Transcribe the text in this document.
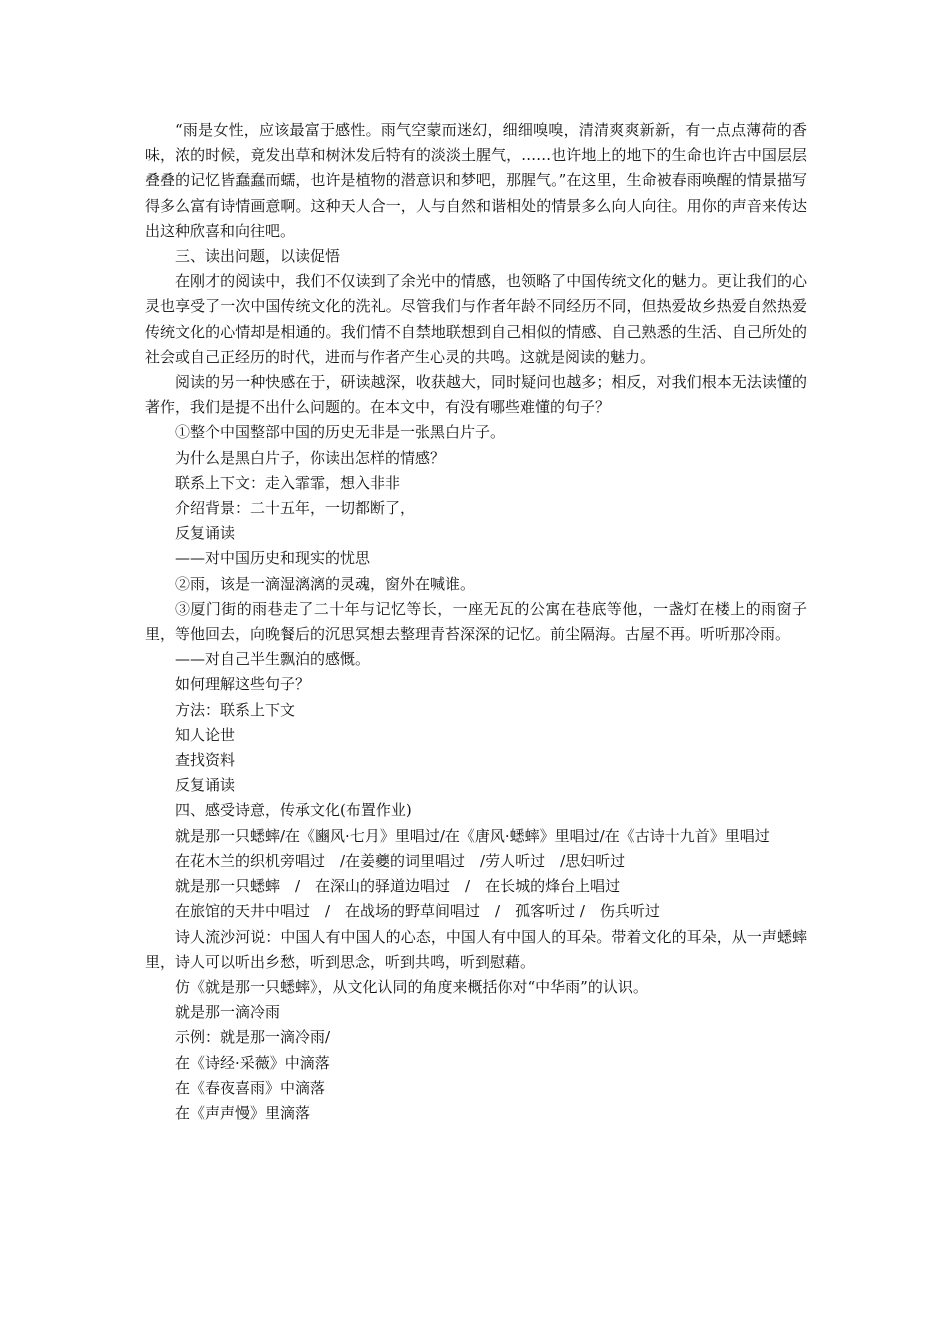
“雨是女性，应该最富于感性。雨气空蒙而迷幻，细细嗅嗅，清清爽爽新新，有一点点薄荷的香味，浓的时候，竟发出草和树沐发后特有的淡淡土腥气，……也许地上的地下的生命也许古中国层层叠叠的记忆皆蠢蠢而蠕，也许是植物的潜意识和梦吧，那腥气。”在这里，生命被春雨唤醒的情景描写得多么富有诗情画意啊。这种天人合一，人与自然和谐相处的情景多么向人向往。用你的声音来传达出这种欣喜和向往吧。

三、读出问题，以读促悟

在刚才的阅读中，我们不仅读到了余光中的情感，也领略了中国传统文化的魅力。更让我们的心灵也享受了一次中国传统文化的洗礼。尽管我们与作者年龄不同经历不同，但热爱故乡热爱自然热爱传统文化的心情却是相通的。我们情不自禁地联想到自己相似的情感、自己熟悉的生活、自己所处的社会或自己正经历的时代，进而与作者产生心灵的共鸣。这就是阅读的魅力。

阅读的另一种快感在于，研读越深，收获越大，同时疑问也越多；相反，对我们根本无法读懂的著作，我们是提不出什么问题的。在本文中，有没有哪些难懂的句子？

①整个中国整部中国的历史无非是一张黑白片子。

为什么是黑白片子，你读出怎样的情感？

联系上下文：走入霏霏，想入非非

介绍背景：二十五年，一切都断了，

反复诵读

——对中国历史和现实的忧思

②雨，该是一滴湿漓漓的灵魂，窗外在喊谁。

③厦门街的雨巷走了二十年与记忆等长，一座无瓦的公寓在巷底等他，一盏灯在楼上的雨窗子里，等他回去，向晚餐后的沉思冥想去整理青苔深深的记忆。前尘隔海。古屋不再。听听那冷雨。

——对自己半生飘泊的感慨。

如何理解这些句子？

方法：联系上下文

知人论世

查找资料

反复诵读

四、感受诗意，传承文化(布置作业)

就是那一只蟋蟀/在《豳风·七月》里唱过/在《唐风·蟋蟀》里唱过/在《古诗十九首》里唱过

在花木兰的织机旁唱过　/在姜夔的词里唱过　/劳人听过　/思妇听过

就是那一只蟋蟀　/　在深山的驿道边唱过　/　在长城的烽台上唱过

在旅馆的天井中唱过　/　在战场的野草间唱过　/　孤客听过 /　伤兵听过

诗人流沙河说：中国人有中国人的心态，中国人有中国人的耳朵。带着文化的耳朵，从一声蟋蟀里，诗人可以听出乡愁，听到思念，听到共鸣，听到慰藉。

仿《就是那一只蟋蟀》，从文化认同的角度来概括你对“中华雨”的认识。

就是那一滴冷雨

示例：就是那一滴冷雨/

在《诗经·采薇》中滴落

在《春夜喜雨》中滴落

在《声声慢》里滴落
